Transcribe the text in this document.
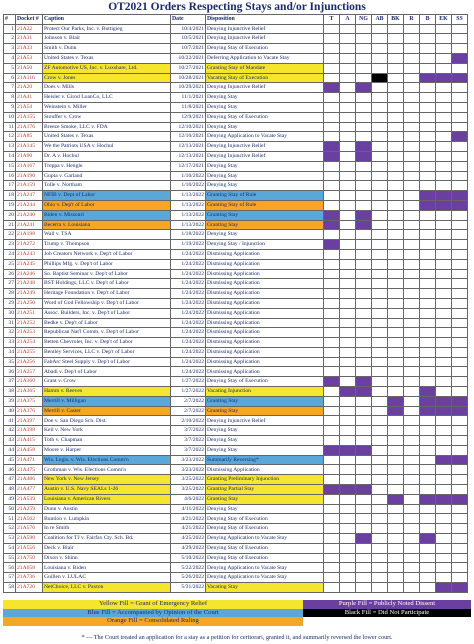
OT2021 Orders Respecting Stays and/or Injunctions
#	Docket #	Caption	Date	Disposition	T	A	NG	AB	BK	R	B	EK	SS
1	21A22	Protect Our Parks, Inc. v. Buttigieg	10/4/2021	Denying Injunctive Relief									
2	21A31	Johnson v. Blair	10/5/2021	Denying Injunctive Relief									
3	21A33	Smith v. Dunn	10/7/2021	Denying Stay of Execution									
4	21A53	United States v. Texas	10/22/2021	Deferring Application to Vacate Stay									
5	21A50	ZF Automotive US, Inc. v. Luxshare, Ltd.	10/27/2021	Granting Stay of Mandate									
6	21A116	Crow v. Jones	10/28/2021	Vacating Stay of Execution									
7	21A20	Does v. Mills	10/29/2021	Denying Injunctive Relief									
8	21A41	Heisler v. Girod LoanCo, LLC	11/1/2021	Denying Stay									
9	21A54	Weinstein v. Miller	11/8/2021	Denying Stay									
10	21A155	Stouffer v. Crow	12/9/2021	Denying Stay of Execution									
11	21A176	Breeze Smoke, LLC v. FDA	12/10/2021	Denying Stay									
12	21A85	United States v. Texas	12/10/2021	Denying Application to Vacate Stay									
13	21A145	We the Patriots USA v. Hochul	12/13/2021	Denying Injunctive Relief									
14	21A90	Dr. A v. Hochul	12/13/2021	Denying Injunctive Relief									
15	21A167	Treppa v. Hengle	12/17/2021	Denying Stay									
16	21A190	Gupta v. Garland	1/10/2022	Denying Stay									
17	21A159	Tolle v. Northam	1/10/2022	Denying Stay									
18	21A247	NFIB v. Dept of Labor	1/13/2022	Granting Stay of Rule									
19	21A244	Ohio v. Dep't of Labor	1/13/2022	Granting Stay of Rule									
20	21A240	Biden v. Missouri	1/13/2022	Granting Stay									
21	21A241	Becerra v. Louisiana	1/13/2022	Granting Stay									
22	21A198	Wall v. TSA	1/18/2022	Denying Stay									
23	21A272	Trump v. Thompson	1/19/2022	Denying Stay / Injunction									
24	21A243	Job Creators Network v. Dep't of Labor	1/24/2022	Dismissing Application									
25	21A245	Phillips Mfg. v. Dep't of Labor	1/24/2022	Dismissing Application									
26	21A246	So. Baptist Seminar v. Dep't of Labor	1/24/2022	Dismissing Application									
27	21A248	BST Holdings, LLC v. Dep't of Labor	1/24/2022	Dismissing Application									
28	21A249	Heritage Foundation v. Dep't of Labor	1/24/2022	Dismissing Application									
29	21A250	Word of God Fellowship v. Dep't of Labor	1/24/2022	Dismissing Application									
30	21A251	Assoc. Builders, Inc. v. Dep't of Labor	1/24/2022	Dismissing Application									
31	21A252	Bedke v. Dep't of Labor	1/24/2022	Dismissing Application									
32	21A253	Republican Nat'l Comm. v. Dep't of Labor	1/24/2022	Dismissing Application									
33	21A254	Betten Chevrolet, Inc. v. Dep't of Labor	1/24/2022	Dismissing Application									
34	21A255	Bentley Services, LLC v. Dep't of Labor	1/24/2022	Dismissing Application									
35	21A256	FabArc Steel Supply v. Dep't of Labor	1/24/2022	Dismissing Application									
36	21A257	Abadi v. Dep't of Labor	1/24/2022	Dismissing Application									
37	21A360	Grant v. Crow	1/27/2022	Denying Stay of Execution									
38	21A365	Hamm v. Reeves	1/27/2022	Vacating Injunction									
39	21A375	Merrill v. Milligan	2/7/2022	Granting Stay									
40	21A376	Merrill v. Caster	2/7/2022	Granting Stay									
41	21A397	Doe v. San Diego Sch. Dist.	2/10/2022	Denying Injunctive Relief									
42	21A398	Keil v. New York	3/7/2022	Denying Stay									
43	21A415	Toth v. Chapman	3/7/2022	Denying Stay									
44	21A458	Moore v. Harper	3/7/2022	Denying Stay									
45	21A471	Wis. Legis. v. Wis. Elections Comm'n	3/23/2022	Summarily Reversing*									
46	21A475	Grothman v. Wis. Elections Comm'n	3/23/2022	Dismissing Application									
47	21A486	New York v. New Jersey	3/25/2022	Granting Preliminary Injunction									
48	21A477	Austin v. U.S. Navy SEALs 1-26	3/25/2022	Granting Partial Stay									
49	21A539	Louisiana v. American Rivers	4/6/2022	Granting Stay									
50	21A259	Dunn v. Austin	4/11/2022	Denying Stay									
51	21A562	Buntion v. Lumpkin	4/21/2022	Denying Stay of Execution									
52	21A576	In re Smith	4/21/2022	Denying Stay of Execution									
53	21A590	Coalition for TJ v. Fairfax Cty. Sch. Bd.	4/25/2022	Denying Application to Vacate Stay									
54	21A556	Deck v. Blair	4/29/2022	Denying Stay of Execution									
55	21A750	Dixon v. Shinn	5/10/2022	Denying Stay of Execution									
56	21A658	Louisiana v. Biden	5/22/2022	Denying Application to Vacate Stay									
57	21A736	Guillen v. LULAC	5/26/2022	Denying Application to Vacate Stay									
58	21A720	NetChoice, LLC v. Paxton	5/31/2022	Vacating Stay									
Yellow Fill = Grant of Emergency Relief
Blue Fill = Accompanied by Opinion of the Court
Orange Fill = Consolidated Ruling
Purple Fill = Publicly Noted Dissent
Black Fill = Did Not Participate
* — The Court treated an application for a stay as a petition for certiorari, granted it, and summarily reversed the lower court.
